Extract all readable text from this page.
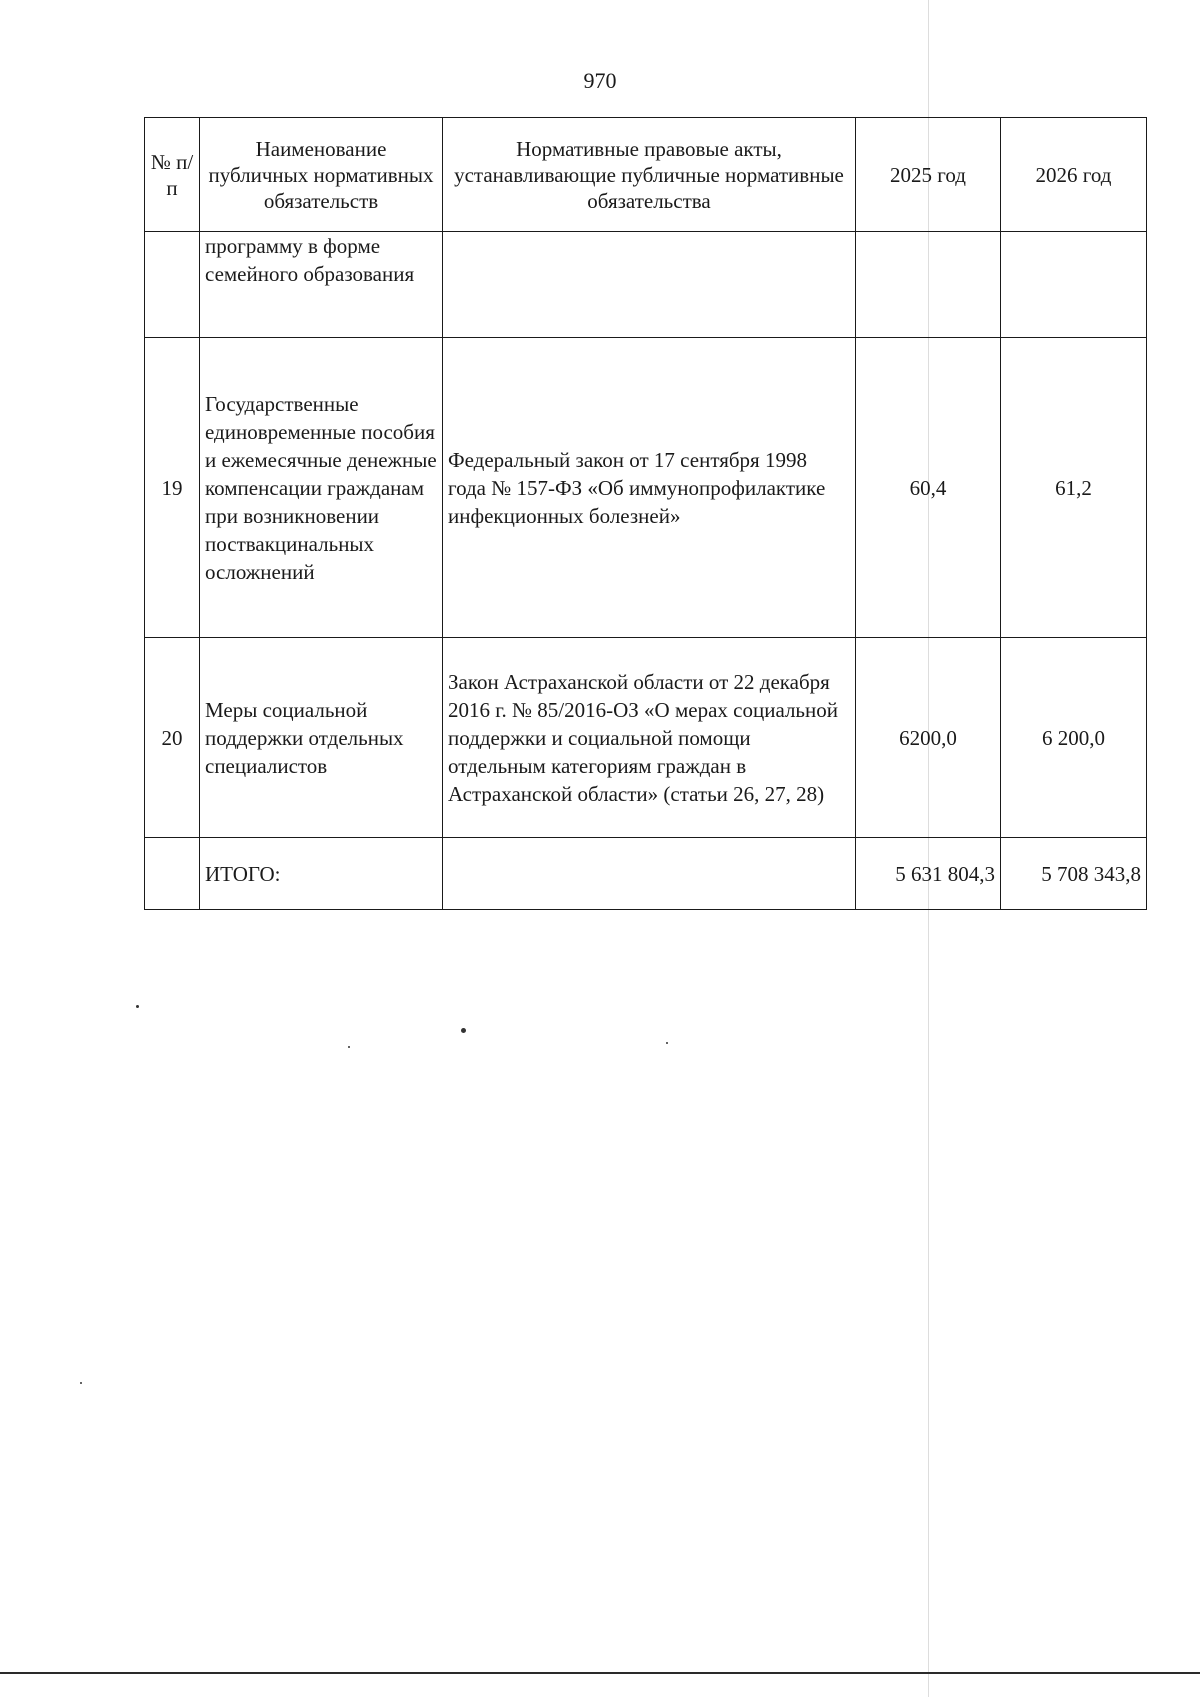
970
№ п/п	Наименование публичных нормативных обязательств	Нормативные правовые акты, устанавливающие публичные нормативные обязательства	2025 год	2026 год
	программу в форме семейного образования			
19	Государственные единовременные пособия и ежемесячные денежные компенсации гражданам при возникновении поствакцинальных осложнений	Федеральный закон от 17 сентября 1998 года № 157-ФЗ «Об иммунопрофилактике инфекционных болезней»	60,4	61,2
20	Меры социальной поддержки отдельных специалистов	Закон Астраханской области от 22 декабря 2016 г. № 85/2016-ОЗ «О мерах социальной поддержки и социальной помощи отдельным категориям граждан в Астраханской области» (статьи 26, 27, 28)	6200,0	6 200,0
	ИТОГО:		5 631 804,3	5 708 343,8
